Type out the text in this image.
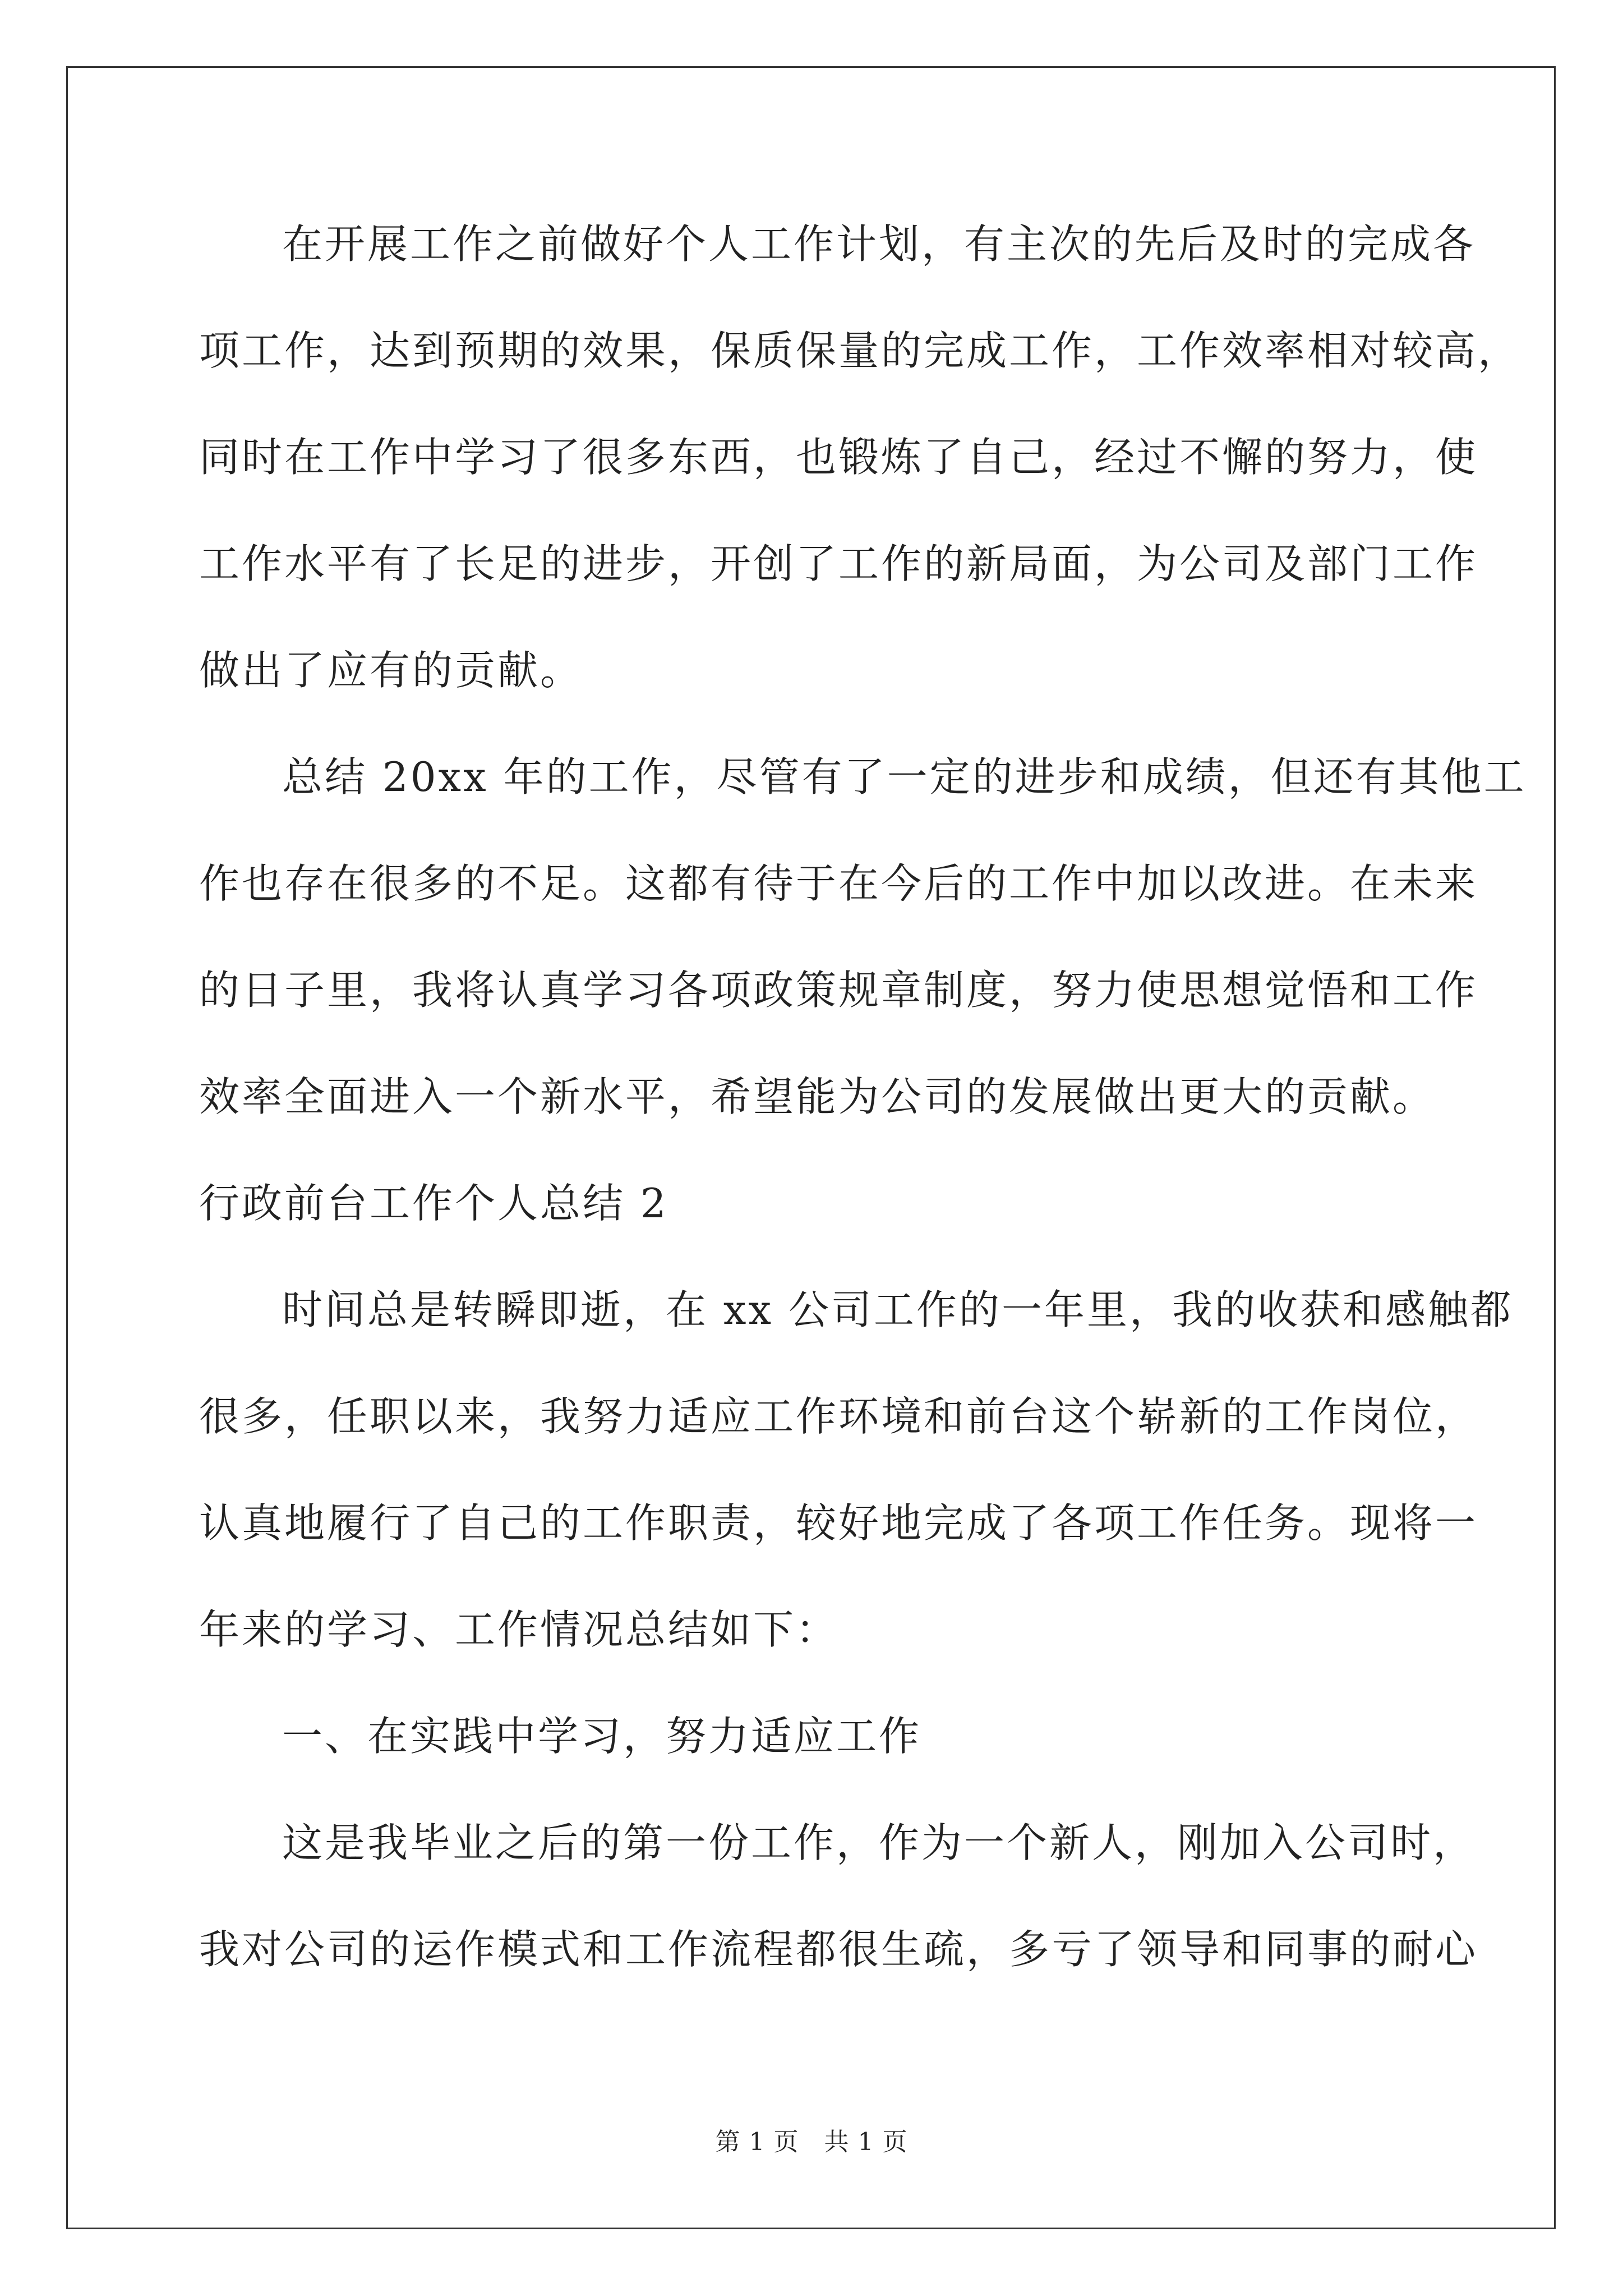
在开展工作之前做好个人工作计划，有主次的先后及时的完成各
项工作，达到预期的效果，保质保量的完成工作，工作效率相对较高，
同时在工作中学习了很多东西，也锻炼了自己，经过不懈的努力，使
工作水平有了长足的进步，开创了工作的新局面，为公司及部门工作
做出了应有的贡献。
总结 20xx 年的工作，尽管有了一定的进步和成绩，但还有其他工
作也存在很多的不足。这都有待于在今后的工作中加以改进。在未来
的日子里，我将认真学习各项政策规章制度，努力使思想觉悟和工作
效率全面进入一个新水平，希望能为公司的发展做出更大的贡献。
行政前台工作个人总结 2
时间总是转瞬即逝，在 xx 公司工作的一年里，我的收获和感触都
很多，任职以来，我努力适应工作环境和前台这个崭新的工作岗位，
认真地履行了自己的工作职责，较好地完成了各项工作任务。现将一
年来的学习、工作情况总结如下：
一、在实践中学习，努力适应工作
这是我毕业之后的第一份工作，作为一个新人，刚加入公司时，
我对公司的运作模式和工作流程都很生疏，多亏了领导和同事的耐心
第 1 页   共 1 页
